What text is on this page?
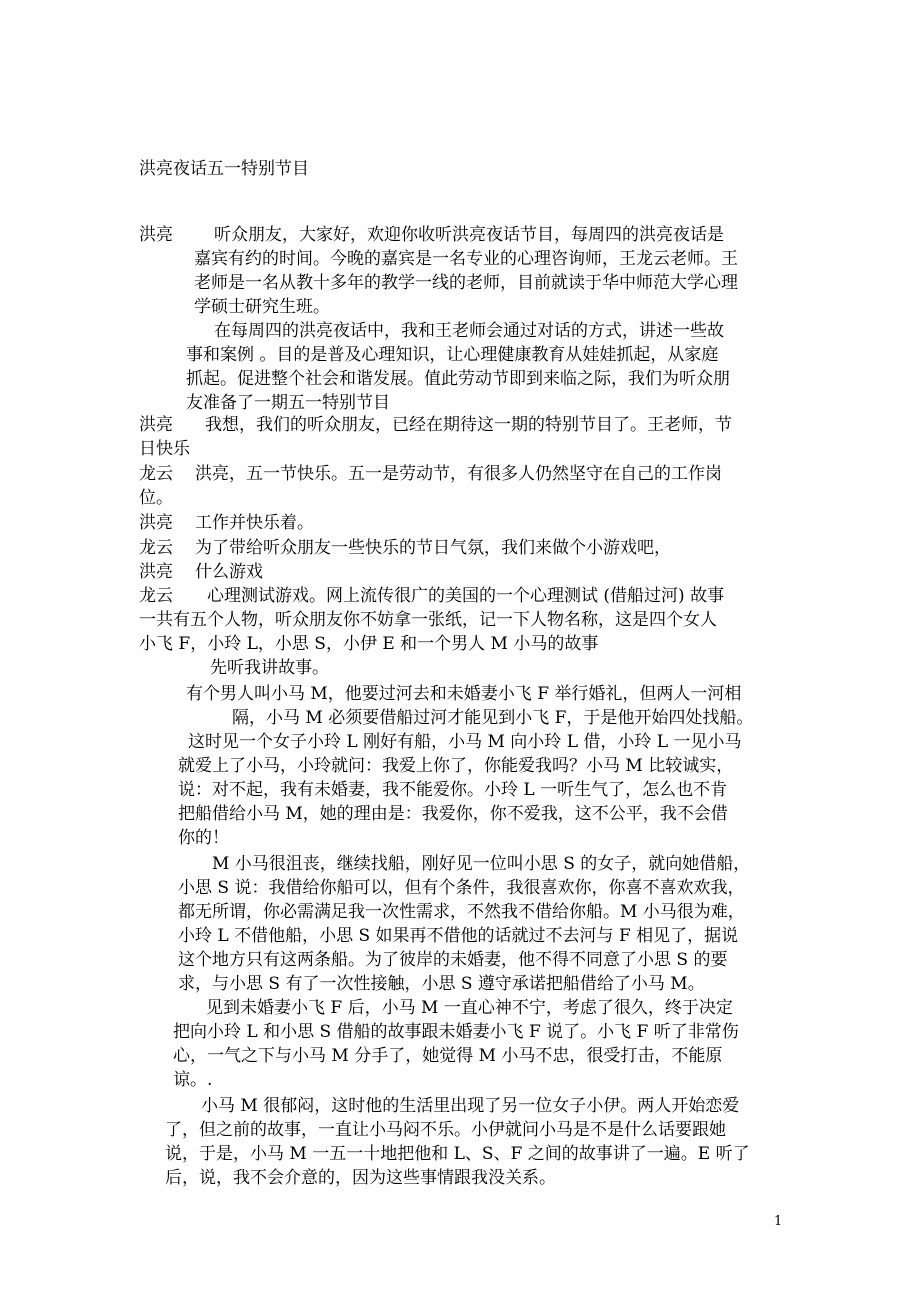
洪亮夜话五一特别节目
洪亮
洪亮
龙云
洪亮
龙云
洪亮
龙云
听众朋友，大家好，欢迎你收听洪亮夜话节目，每周四的洪亮夜话是
嘉宾有约的时间。今晚的嘉宾是一名专业的心理咨询师，王龙云老师。王
老师是一名从教十多年的教学一线的老师，目前就读于华中师范大学心理
学硕士研究生班。
在每周四的洪亮夜话中，我和王老师会通过对话的方式，讲述一些故
事和案例 。目的是普及心理知识，让心理健康教育从娃娃抓起，从家庭
抓起。促进整个社会和谐发展。值此劳动节即到来临之际，我们为听众朋
友准备了一期五一特别节目
我想，我们的听众朋友，已经在期待这一期的特别节目了。王老师，节
日快乐
洪亮，五一节快乐。五一是劳动节，有很多人仍然坚守在自己的工作岗
位。
工作并快乐着。
为了带给听众朋友一些快乐的节日气氛，我们来做个小游戏吧，
什么游戏
心理测试游戏。网上流传很广的美国的一个心理测试 (借船过河) 故事
一共有五个人物，听众朋友你不妨拿一张纸，记一下人物名称，这是四个女人
小飞 F，小玲 L，小思 S，小伊 E 和一个男人 M 小马的故事
先听我讲故事。
有个男人叫小马 M，他要过河去和未婚妻小飞 F 举行婚礼，但两人一河相
隔，小马 M 必须要借船过河才能见到小飞 F，于是他开始四处找船。
这时见一个女子小玲 L 刚好有船，小马 M 向小玲 L 借，小玲 L 一见小马
就爱上了小马，小玲就问：我爱上你了，你能爱我吗？小马 M 比较诚实，
说：对不起，我有未婚妻，我不能爱你。小玲 L 一听生气了，怎么也不肯
把船借给小马 M，她的理由是：我爱你，你不爱我，这不公平，我不会借
你的！
M 小马很沮丧，继续找船，刚好见一位叫小思 S 的女子，就向她借船，
小思 S 说：我借给你船可以，但有个条件，我很喜欢你，你喜不喜欢欢我，
都无所谓，你必需满足我一次性需求，不然我不借给你船。M 小马很为难，
小玲 L 不借他船，小思 S 如果再不借他的话就过不去河与 F 相见了，据说
这个地方只有这两条船。为了彼岸的未婚妻，他不得不同意了小思 S 的要
求，与小思 S 有了一次性接触，小思 S 遵守承诺把船借给了小马 M。
见到未婚妻小飞 F 后，小马 M 一直心神不宁，考虑了很久，终于决定
把向小玲 L 和小思 S 借船的故事跟未婚妻小飞 F 说了。小飞 F 听了非常伤
心，一气之下与小马 M 分手了，她觉得 M 小马不忠，很受打击，不能原
谅。.
小马 M 很郁闷，这时他的生活里出现了另一位女子小伊。两人开始恋爱
了，但之前的故事，一直让小马闷不乐。小伊就问小马是不是什么话要跟她
说，于是，小马 M 一五一十地把他和 L、S、F 之间的故事讲了一遍。E 听了
后，说，我不会介意的，因为这些事情跟我没关系。
1
